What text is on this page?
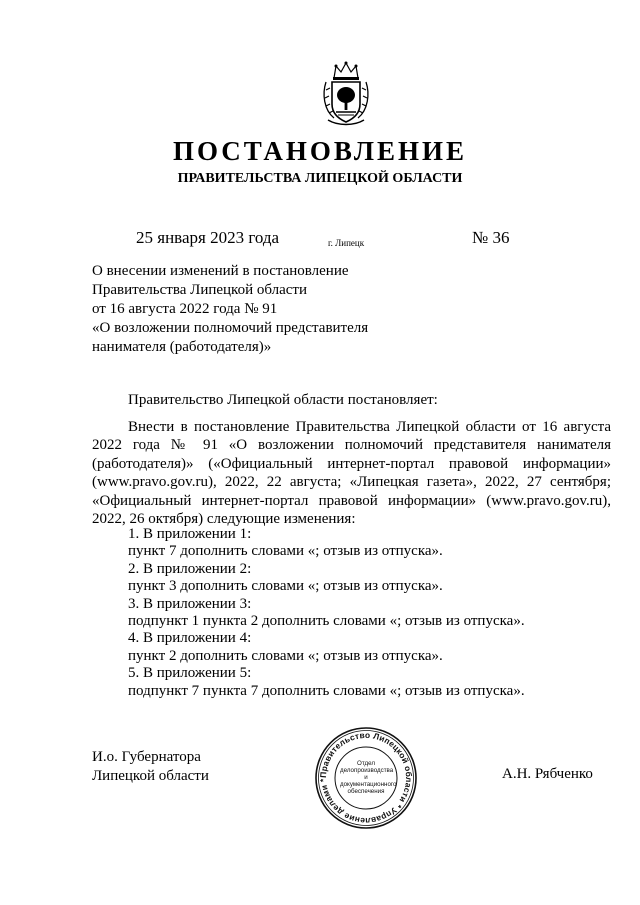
ПОСТАНОВЛЕНИЕ
ПРАВИТЕЛЬСТВА ЛИПЕЦКОЙ ОБЛАСТИ
25 января 2023 года	г. Липецк	№ 36
О внесении изменений в постановление
Правительства Липецкой области
от 16 августа 2022 года № 91
«О возложении полномочий представителя
нанимателя (работодателя)»
Правительство Липецкой области постановляет:
Внести в постановление Правительства Липецкой области от 16 августа
2022 года № 91 «О возложении полномочий представителя нанимателя
(работодателя)» («Официальный интернет-портал правовой информации»
(www.pravo.gov.ru), 2022, 22 августа; «Липецкая газета», 2022, 27 сентября;
«Официальный интернет-портал правовой информации» (www.pravo.gov.ru),
2022, 26 октября) следующие изменения:
1. В приложении 1:
пункт 7 дополнить словами «; отзыв из отпуска».
2. В приложении 2:
пункт 3 дополнить словами «; отзыв из отпуска».
3. В приложении 3:
подпункт 1 пункта 2 дополнить словами «; отзыв из отпуска».
4. В приложении 4:
пункт 2 дополнить словами «; отзыв из отпуска».
5. В приложении 5:
подпункт 7 пункта 7 дополнить словами «; отзыв из отпуска».
И.о. Губернатора
Липецкой области	А.Н. Рябченко
Правительство Липецкой области * Управление делами *
Отдел
делопроизводства и
документационного
обеспечения
